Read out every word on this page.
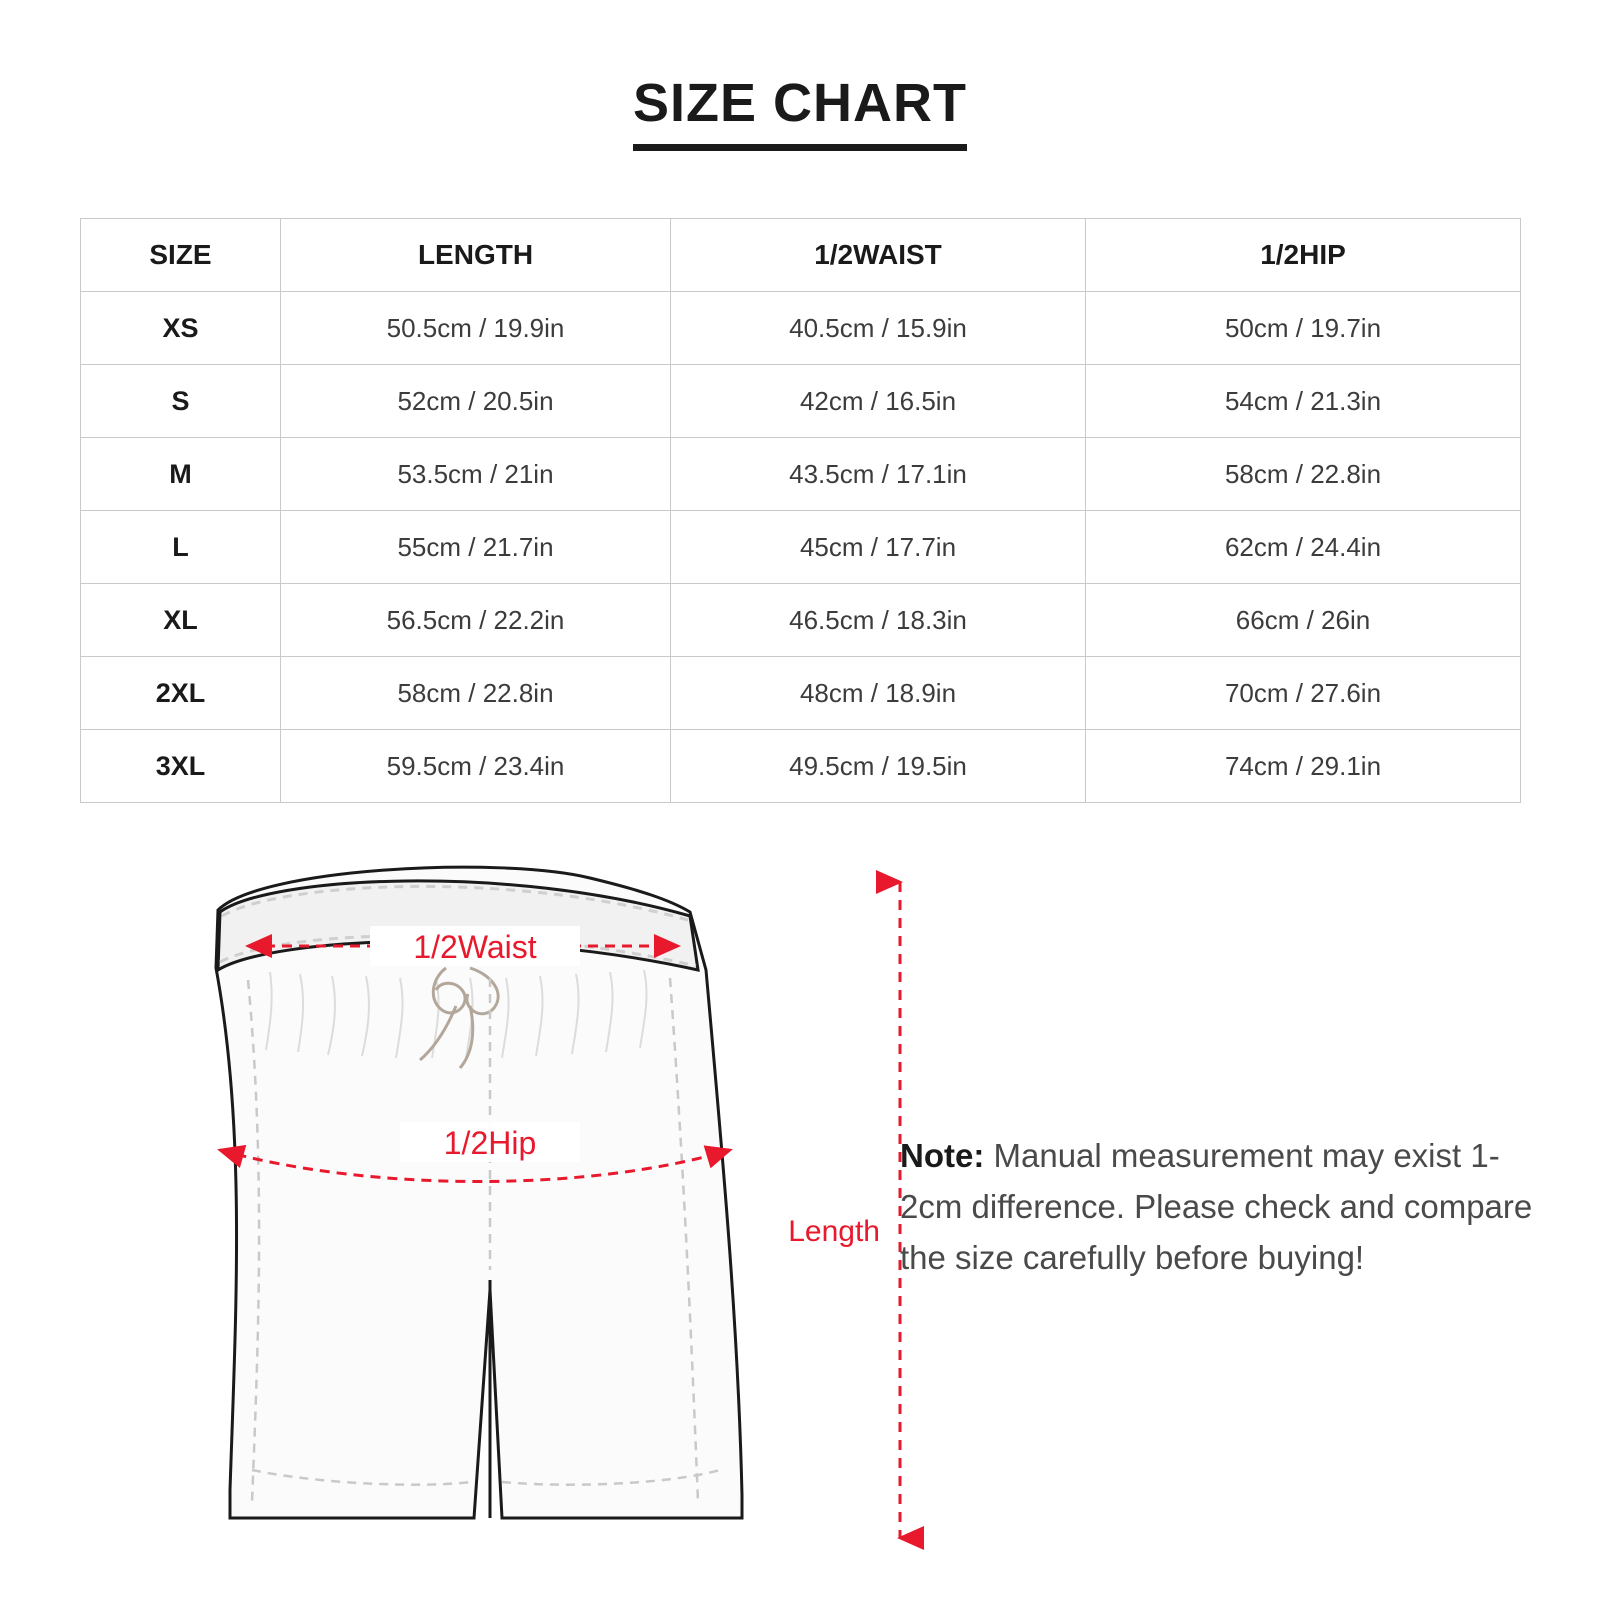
SIZE CHART
SIZE	LENGTH	1/2WAIST	1/2HIP
XS	50.5cm / 19.9in	40.5cm / 15.9in	50cm / 19.7in
S	52cm / 20.5in	42cm / 16.5in	54cm / 21.3in
M	53.5cm / 21in	43.5cm / 17.1in	58cm / 22.8in
L	55cm / 21.7in	45cm / 17.7in	62cm / 24.4in
XL	56.5cm / 22.2in	46.5cm / 18.3in	66cm / 26in
2XL	58cm / 22.8in	48cm / 18.9in	70cm / 27.6in
3XL	59.5cm / 23.4in	49.5cm / 19.5in	74cm / 29.1in
1/2Waist
1/2Hip
Length
Note: Manual measurement may exist 1-2cm difference. Please check and compare the size carefully before buying!
